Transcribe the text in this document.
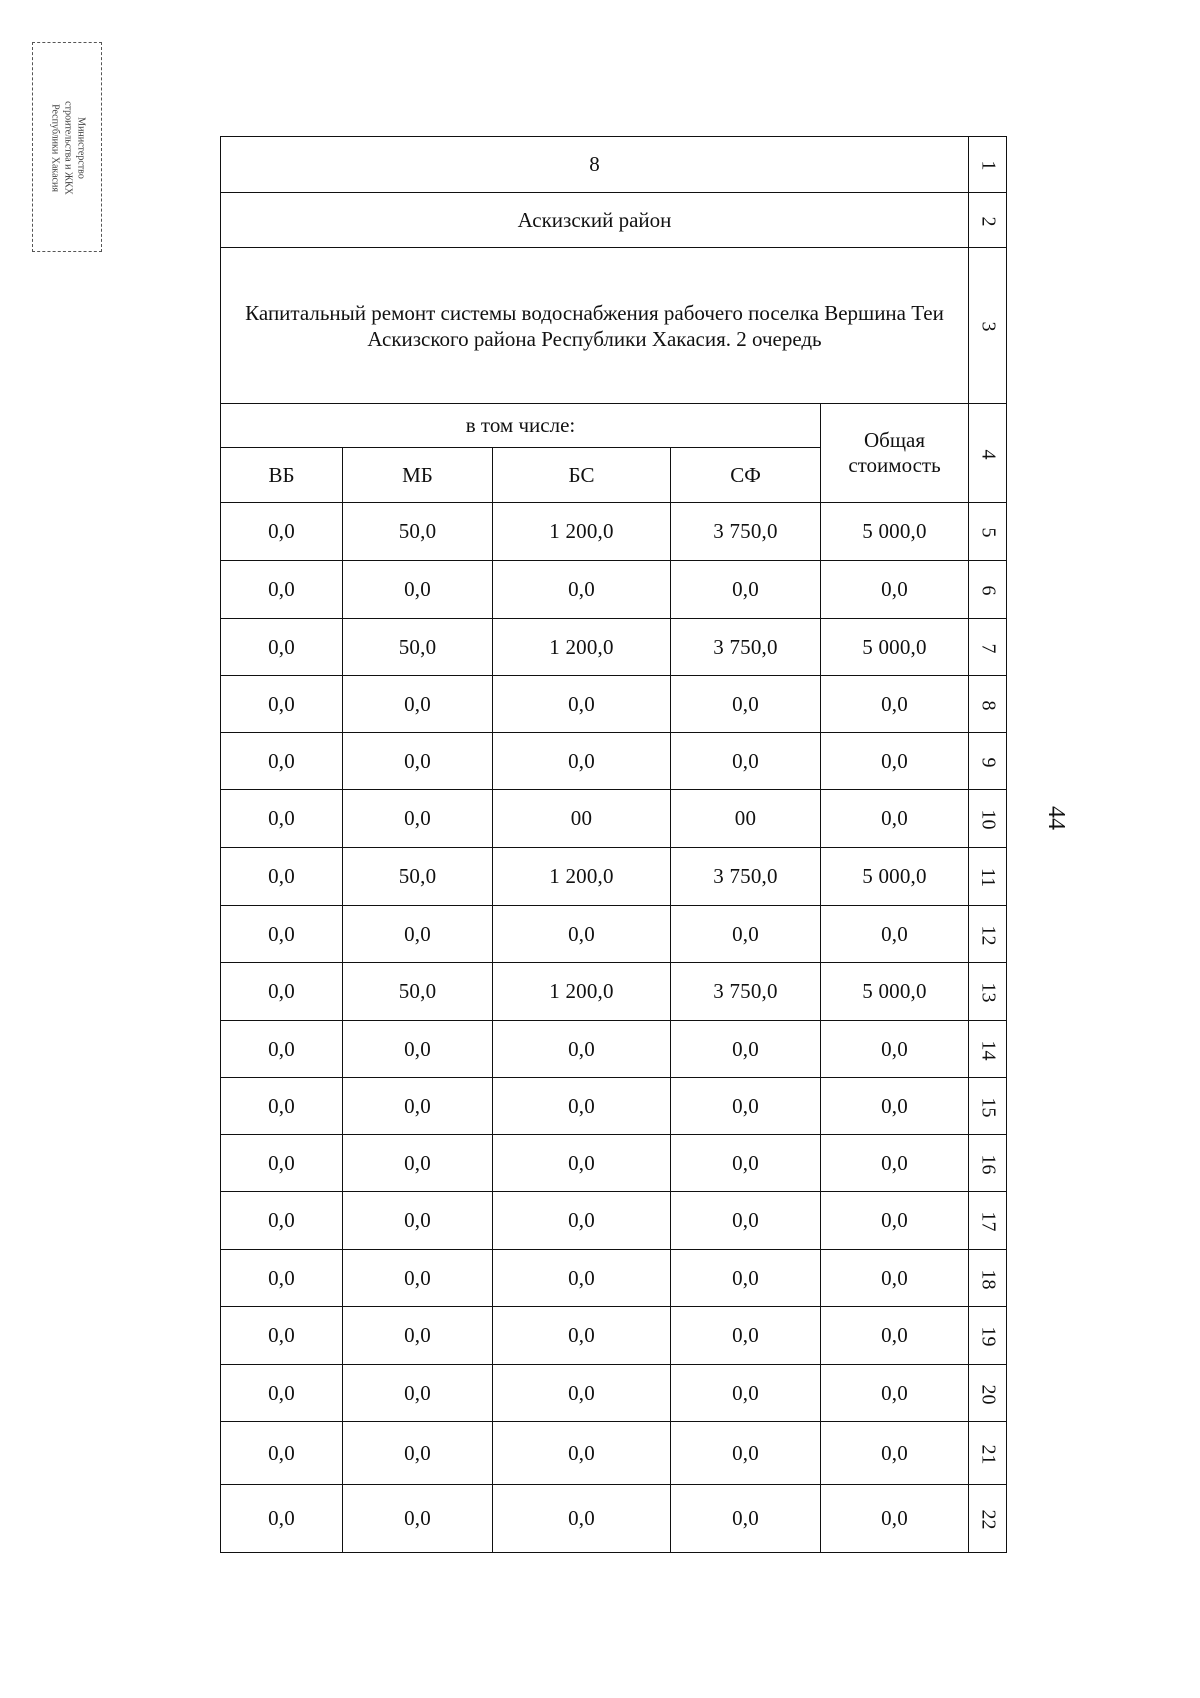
Министерство
строительства и ЖКХ
Республики Хакасия
44
8					1
Аскизский район					2
Капитальный ремонт системы водоснабжения рабочего поселка Вершина Теи Аскизского района Республики Хакасия. 2 очередь					3
в том числе:				Общая стоимость	4
ВБ	МБ	БС	СФ		
0,0	50,0	1 200,0	3 750,0	5 000,0	5
0,0	0,0	0,0	0,0	0,0	6
0,0	50,0	1 200,0	3 750,0	5 000,0	7
0,0	0,0	0,0	0,0	0,0	8
0,0	0,0	0,0	0,0	0,0	9
0,0	0,0	00	00	0,0	10
0,0	50,0	1 200,0	3 750,0	5 000,0	11
0,0	0,0	0,0	0,0	0,0	12
0,0	50,0	1 200,0	3 750,0	5 000,0	13
0,0	0,0	0,0	0,0	0,0	14
0,0	0,0	0,0	0,0	0,0	15
0,0	0,0	0,0	0,0	0,0	16
0,0	0,0	0,0	0,0	0,0	17
0,0	0,0	0,0	0,0	0,0	18
0,0	0,0	0,0	0,0	0,0	19
0,0	0,0	0,0	0,0	0,0	20
0,0	0,0	0,0	0,0	0,0	21
0,0	0,0	0,0	0,0	0,0	22
